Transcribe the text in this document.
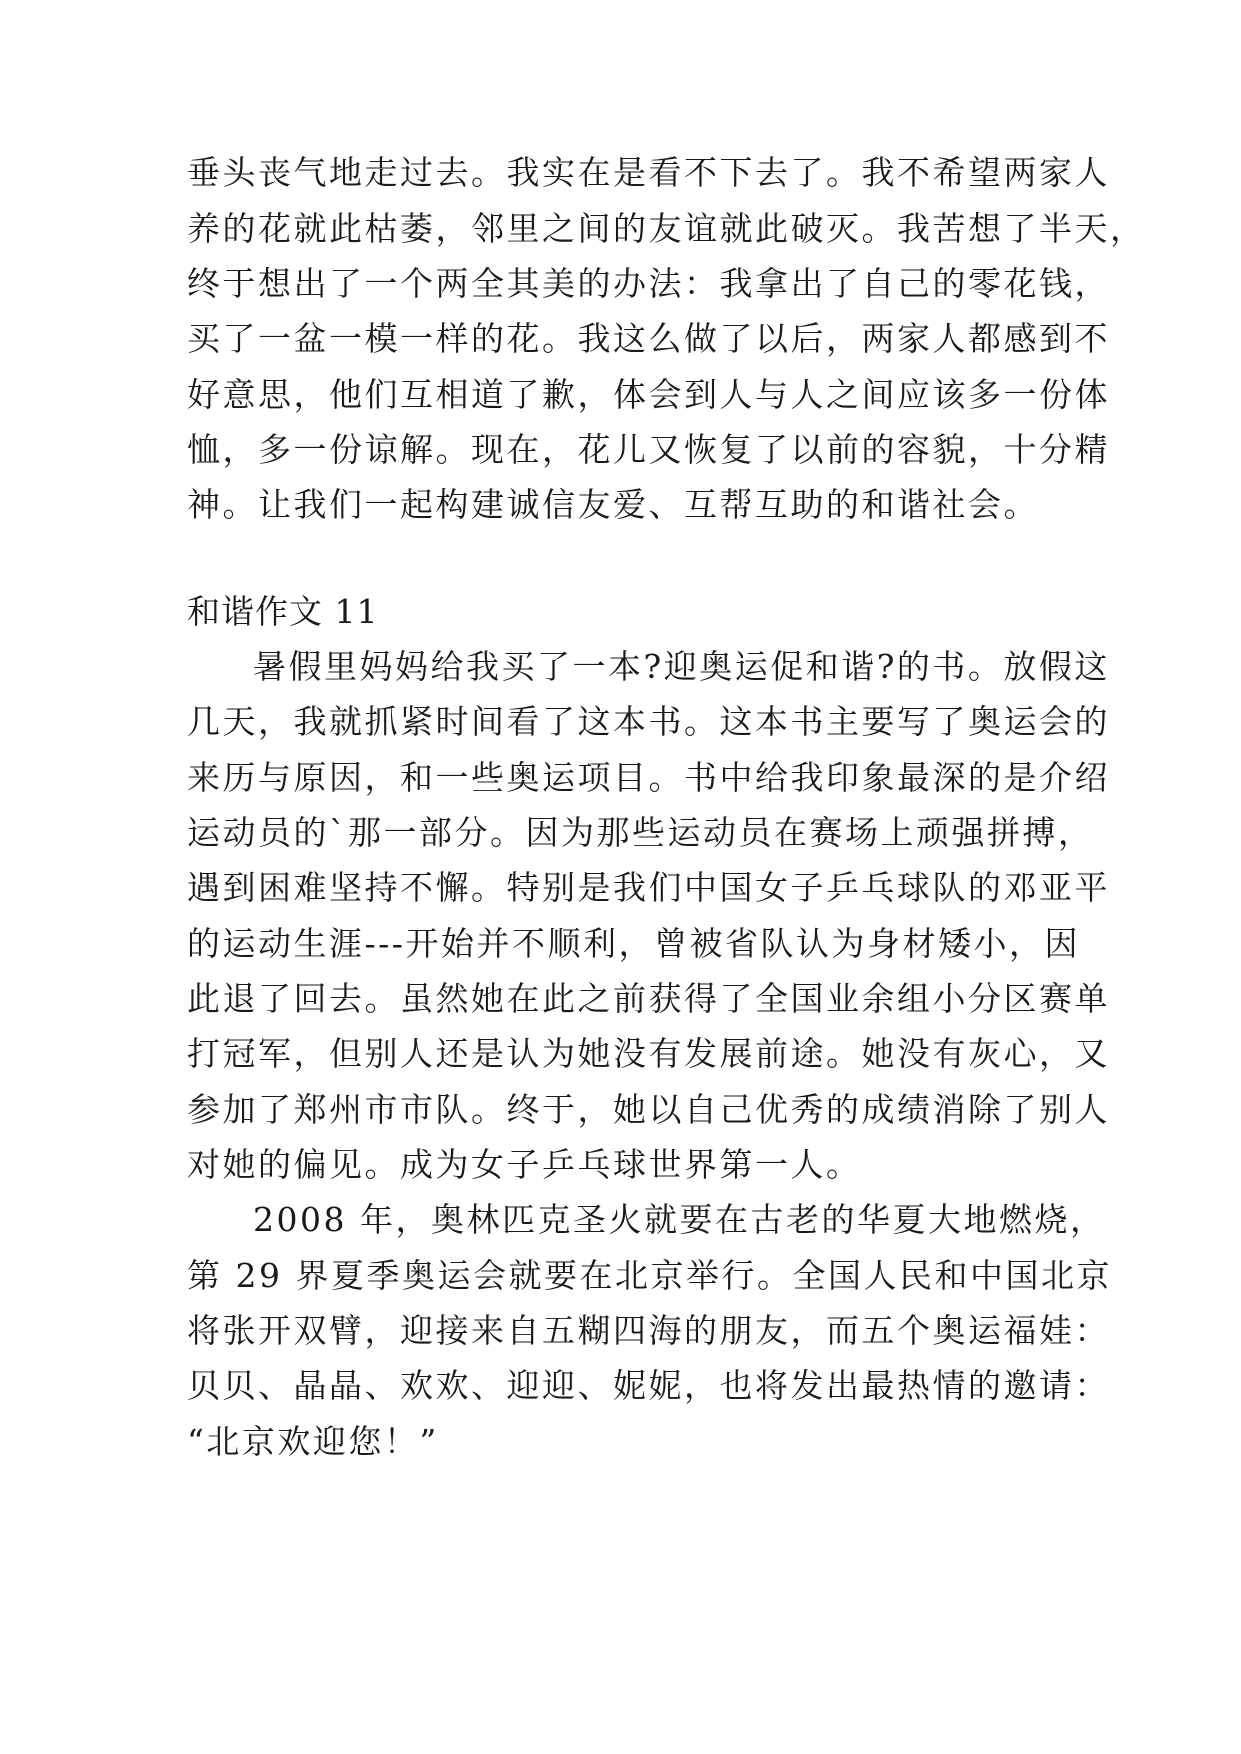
垂头丧气地走过去。我实在是看不下去了。我不希望两家人
养的花就此枯萎，邻里之间的友谊就此破灭。我苦想了半天，
终于想出了一个两全其美的办法：我拿出了自己的零花钱，
买了一盆一模一样的花。我这么做了以后，两家人都感到不
好意思，他们互相道了歉，体会到人与人之间应该多一份体
恤，多一份谅解。现在，花儿又恢复了以前的容貌，十分精
神。让我们一起构建诚信友爱、互帮互助的和谐社会。
和谐作文 11
暑假里妈妈给我买了一本?迎奥运促和谐?的书。放假这
几天，我就抓紧时间看了这本书。这本书主要写了奥运会的
来历与原因，和一些奥运项目。书中给我印象最深的是介绍
运动员的`那一部分。因为那些运动员在赛场上顽强拼搏，
遇到困难坚持不懈。特别是我们中国女子乒乓球队的邓亚平
的运动生涯---开始并不顺利，曾被省队认为身材矮小，因
此退了回去。虽然她在此之前获得了全国业余组小分区赛单
打冠军，但别人还是认为她没有发展前途。她没有灰心，又
参加了郑州市市队。终于，她以自己优秀的成绩消除了别人
对她的偏见。成为女子乒乓球世界第一人。
2008 年，奥林匹克圣火就要在古老的华夏大地燃烧，
第 29 界夏季奥运会就要在北京举行。全国人民和中国北京
将张开双臂，迎接来自五糊四海的朋友，而五个奥运福娃：
贝贝、晶晶、欢欢、迎迎、妮妮，也将发出最热情的邀请：
“北京欢迎您！”
